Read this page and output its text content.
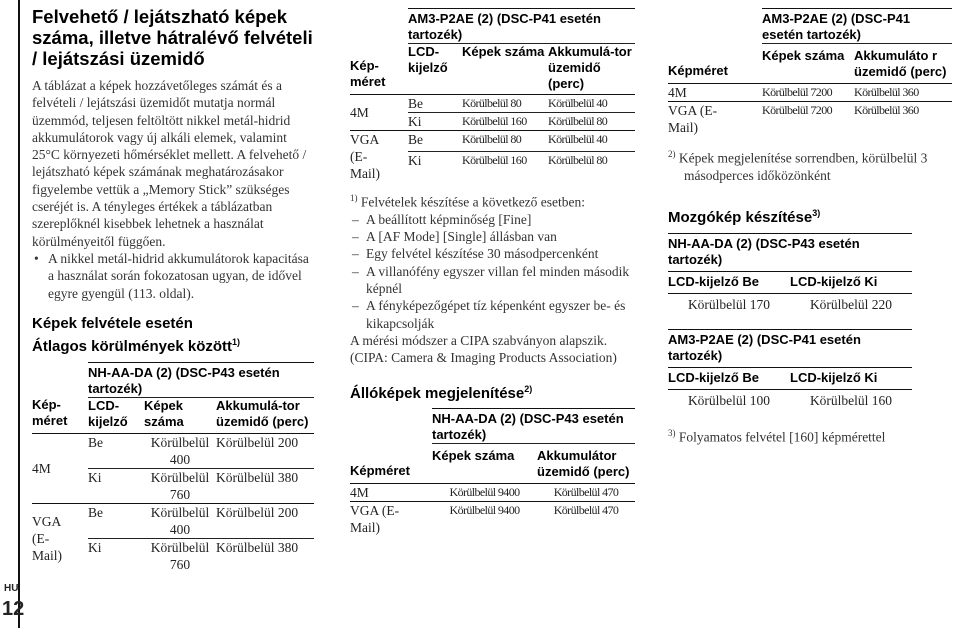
HU
12
Felvehető / lejátszható képek száma, illetve hátralévő felvételi / lejátszási üzemidő

A táblázat a képek hozzávetőleges számát és a felvételi / lejátszási üzemidőt mutatja normál üzemmód, teljesen feltöltött nikkel metál-hidrid akkumulátorok vagy új alkáli elemek, valamint 25°C környezeti hőmérséklet mellett. A felvehető / lejátszható képek számának meghatározásakor figyelembe vettük a „Memory Stick” szükséges cseréjét is. A tényleges értékek a táblázatban szereplőknél kisebbek lehetnek a használat körülményeitől függően.

• A nikkel metál-hidrid akkumulátorok kapacitása a használat során fokozatosan ugyan, de idővel egyre gyengül (113. oldal).
Képek felvétele esetén
Átlagos körülmények között$^{1)}$
Kép-méret	NH-AA-DA (2) (DSC-P43 esetén tartozék)		
	LCD-kijelző	Képek száma	Akkumulá-tor üzemidő (perc)
4M	Be	Körülbelül 400	Körülbelül 200
	Ki	Körülbelül 760	Körülbelül 380
VGA (E-Mail)	Be	Körülbelül 400	Körülbelül 200
	Ki	Körülbelül 760	Körülbelül 380
Kép-méret	AM3-P2AE (2) (DSC-P41 esetén tartozék)		
	LCD-kijelző	Képek száma	Akkumulá-tor üzemidő (perc)
4M	Be	Körülbelül 80	Körülbelül 40
	Ki	Körülbelül 160	Körülbelül 80
VGA (E-Mail)	Be	Körülbelül 80	Körülbelül 40
	Ki	Körülbelül 160	Körülbelül 80
$^{1)}$ Felvételek készítése a következő esetben:
– A beállított képminőség [Fine]
– A [AF Mode] [Single] állásban van
– Egy felvétel készítése 30 másodpercenként
– A villanófény egyszer villan fel minden második képnél
– A fényképezőgépet tíz képenként egyszer be- és kikapcsolják
A mérési módszer a CIPA szabványon alapszik. (CIPA: Camera & Imaging Products Association)
Állóképek megjelenítése$^{2)}$
Képméret	NH-AA-DA (2) (DSC-P43 esetén tartozék)	
	Képek száma	Akkumulátor üzemidő (perc)
4M	Körülbelül 9400	Körülbelül 470
VGA (E-Mail)	Körülbelül 9400	Körülbelül 470
Képméret	AM3-P2AE (2) (DSC-P41 esetén tartozék)	
	Képek száma	Akkumuláto r üzemidő (perc)
4M	Körülbelül 7200	Körülbelül 360
VGA (E-Mail)	Körülbelül 7200	Körülbelül 360
$^{2)}$ Képek megjelenítése sorrendben, körülbelül 3 másodperces időközönként
Mozgókép készítése$^{3)}$
NH-AA-DA (2) (DSC-P43 esetén tartozék)	
LCD-kijelző Be	LCD-kijelző Ki
Körülbelül 170	Körülbelül 220
AM3-P2AE (2) (DSC-P41 esetén tartozék)	
LCD-kijelző Be	LCD-kijelző Ki
Körülbelül 100	Körülbelül 160
$^{3)}$ Folyamatos felvétel [160] képmérettel
